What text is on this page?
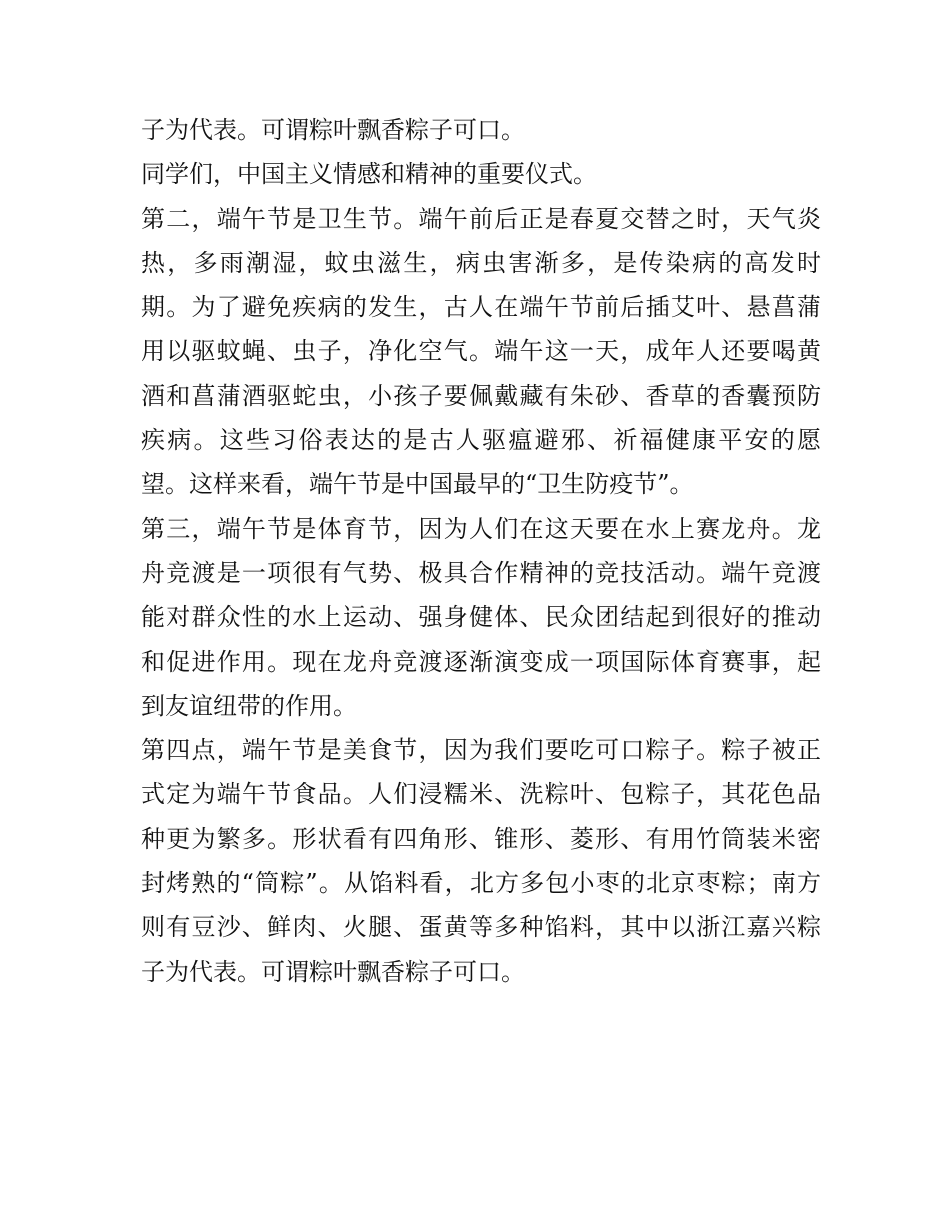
子为代表。可谓粽叶飘香粽子可口。
同学们，中国主义情感和精神的重要仪式。
第二，端午节是卫生节。端午前后正是春夏交替之时，天气炎
热，多雨潮湿，蚊虫滋生，病虫害渐多，是传染病的高发时
期。为了避免疾病的发生，古人在端午节前后插艾叶、悬菖蒲
用以驱蚊蝇、虫子，净化空气。端午这一天，成年人还要喝黄
酒和菖蒲酒驱蛇虫，小孩子要佩戴藏有朱砂、香草的香囊预防
疾病。这些习俗表达的是古人驱瘟避邪、祈福健康平安的愿
望。这样来看，端午节是中国最早的“卫生防疫节”。
第三，端午节是体育节，因为人们在这天要在水上赛龙舟。龙
舟竞渡是一项很有气势、极具合作精神的竞技活动。端午竞渡
能对群众性的水上运动、强身健体、民众团结起到很好的推动
和促进作用。现在龙舟竞渡逐渐演变成一项国际体育赛事，起
到友谊纽带的作用。
第四点，端午节是美食节，因为我们要吃可口粽子。粽子被正
式定为端午节食品。人们浸糯米、洗粽叶、包粽子，其花色品
种更为繁多。形状看有四角形、锥形、菱形、有用竹筒装米密
封烤熟的“筒粽”。从馅料看，北方多包小枣的北京枣粽；南方
则有豆沙、鲜肉、火腿、蛋黄等多种馅料，其中以浙江嘉兴粽
子为代表。可谓粽叶飘香粽子可口。
